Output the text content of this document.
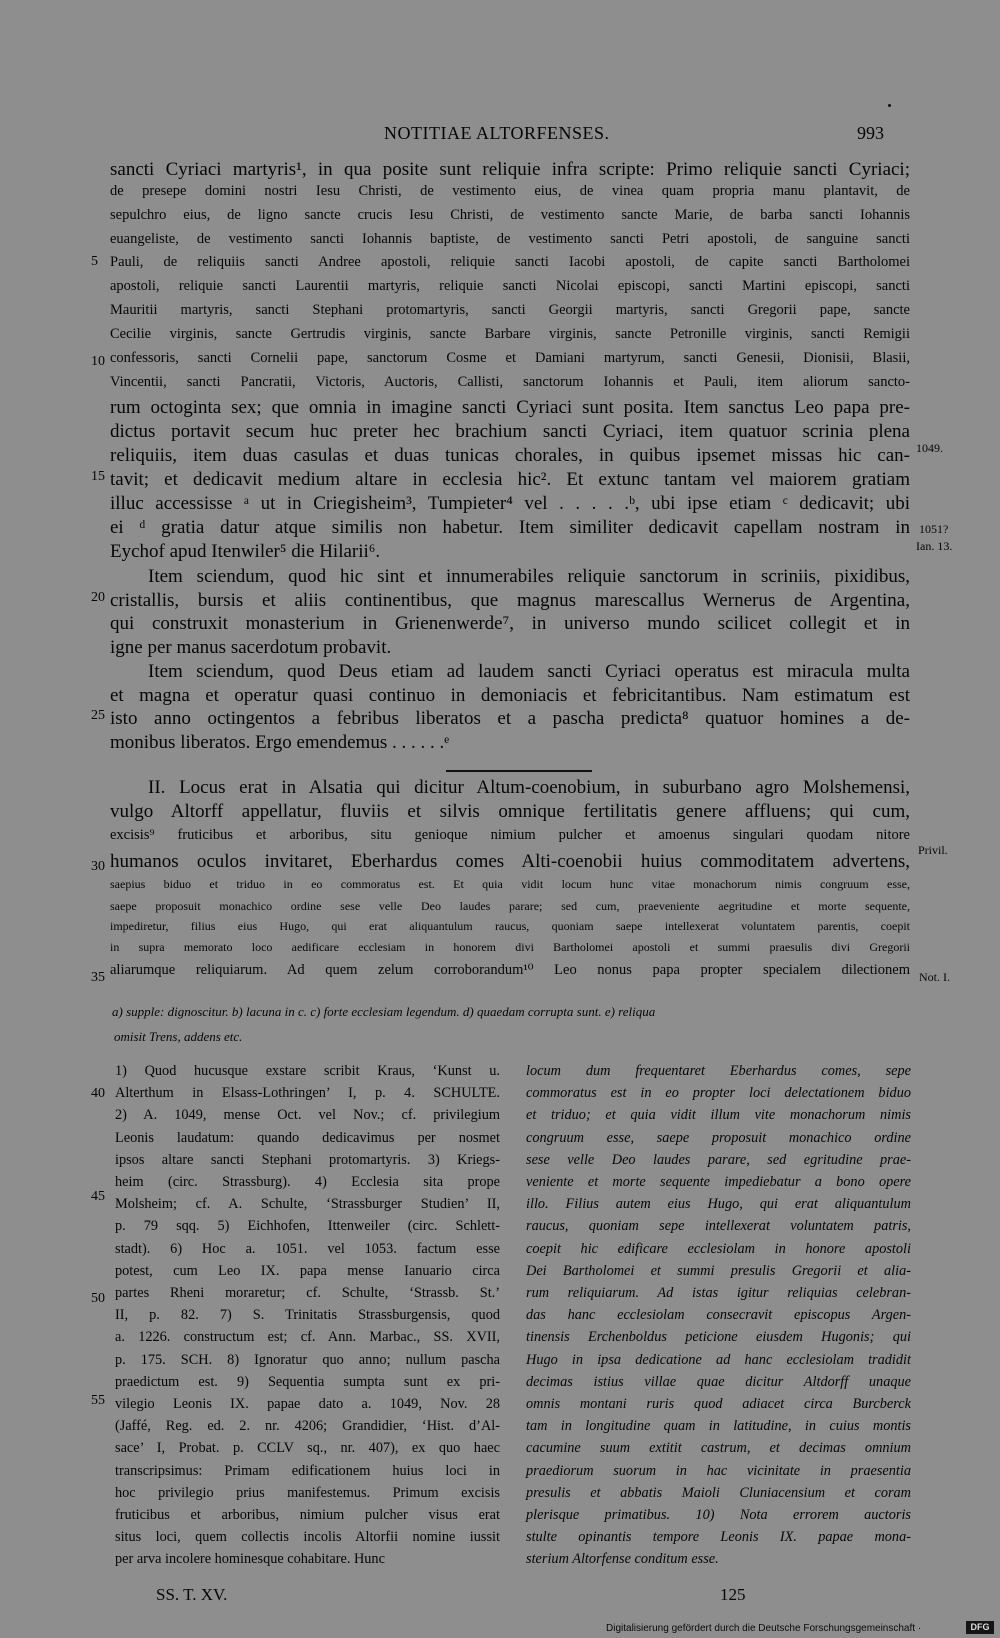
NOTITIAE ALTORFENSES.	993
sancti Cyriaci martyris¹, in qua posite sunt reliquie infra scripte: Primo reliquie sancti Cyriaci;
de presepe domini nostri Iesu Christi, de vestimento eius, de vinea quam propria manu plantavit, de
sepulchro eius, de ligno sancte crucis Iesu Christi, de vestimento sancte Marie, de barba sancti Iohannis
euangeliste, de vestimento sancti Iohannis baptiste, de vestimento sancti Petri apostoli, de sanguine sancti
Pauli, de reliquiis sancti Andree apostoli, reliquie sancti Iacobi apostoli, de capite sancti Bartholomei
apostoli, reliquie sancti Laurentii martyris, reliquie sancti Nicolai episcopi, sancti Martini episcopi, sancti
Mauritii martyris, sancti Stephani protomartyris, sancti Georgii martyris, sancti Gregorii pape, sancte
Cecilie virginis, sancte Gertrudis virginis, sancte Barbare virginis, sancte Petronille virginis, sancti Remigii
confessoris, sancti Cornelii pape, sanctorum Cosme et Damiani martyrum, sancti Genesii, Dionisii, Blasii,
Vincentii, sancti Pancratii, Victoris, Auctoris, Callisti, sanctorum Iohannis et Pauli, item aliorum sancto-
rum octoginta sex; que omnia in imagine sancti Cyriaci sunt posita. Item sanctus Leo papa pre-
dictus portavit secum huc preter hec brachium sancti Cyriaci, item quatuor scrinia plena
reliquiis, item duas casulas et duas tunicas chorales, in quibus ipsemet missas hic can-
tavit; et dedicavit medium altare in ecclesia hic². Et extunc tantam vel maiorem gratiam
illuc accessisse ᵃ ut in Criegisheim³, Tumpieter⁴ vel . . . . .ᵇ, ubi ipse etiam ᶜ dedicavit; ubi
ei ᵈ gratia datur atque similis non habetur. Item similiter dedicavit capellam nostram in
Eychof apud Itenwiler⁵ die Hilarii⁶.
Item sciendum, quod hic sint et innumerabiles reliquie sanctorum in scriniis, pixidibus,
cristallis, bursis et aliis continentibus, que magnus marescallus Wernerus de Argentina,
qui construxit monasterium in Grienenwerde⁷, in universo mundo scilicet collegit et in
igne per manus sacerdotum probavit.
Item sciendum, quod Deus etiam ad laudem sancti Cyriaci operatus est miracula multa
et magna et operatur quasi continuo in demoniacis et febricitantibus. Nam estimatum est
isto anno octingentos a febribus liberatos et a pascha predicta⁸ quatuor homines a de-
monibus liberatos. Ergo emendemus . . . . . .ᵉ
II. Locus erat in Alsatia qui dicitur Altum-coenobium, in suburbano agro Molshemensi,
vulgo Altorff appellatur, fluviis et silvis omnique fertilitatis genere affluens; qui cum,
excisis⁹ fruticibus et arboribus, situ genioque nimium pulcher et amoenus singulari quodam nitore
humanos oculos invitaret, Eberhardus comes Alti-coenobii huius commoditatem advertens,
saepius biduo et triduo in eo commoratus est. Et quia vidit locum hunc vitae monachorum nimis congruum esse,
saepe proposuit monachico ordine sese velle Deo laudes parare; sed cum, praeveniente aegritudine et morte sequente,
impediretur, filius eius Hugo, qui erat aliquantulum raucus, quoniam saepe intellexerat voluntatem parentis, coepit
in supra memorato loco aedificare ecclesiam in honorem divi Bartholomei apostoli et summi praesulis divi Gregorii
aliarumque reliquiarum. Ad quem zelum corroborandum¹⁰ Leo nonus papa propter specialem dilectionem
5
10
15
20
25
30
35
40
45
50
55
1049.
1051?
Ian. 13.
Privil.
Not. I.
a) supple: dignoscitur. b) lacuna in c. c) forte ecclesiam legendum. d) quaedam corrupta sunt. e) reliqua
omisit Trens, addens etc.
1) Quod hucusque exstare scribit Kraus, ‘Kunst u.
Alterthum in Elsass-Lothringen’ I, p. 4. SCHULTE.
2) A. 1049, mense Oct. vel Nov.; cf. privilegium
Leonis laudatum: quando dedicavimus per nosmet
ipsos altare sancti Stephani protomartyris. 3) Kriegs-
heim (circ. Strassburg). 4) Ecclesia sita prope
Molsheim; cf. A. Schulte, ‘Strassburger Studien’ II,
p. 79 sqq. 5) Eichhofen, Ittenweiler (circ. Schlett-
stadt). 6) Hoc a. 1051. vel 1053. factum esse
potest, cum Leo IX. papa mense Ianuario circa
partes Rheni moraretur; cf. Schulte, ‘Strassb. St.’
II, p. 82. 7) S. Trinitatis Strassburgensis, quod
a. 1226. constructum est; cf. Ann. Marbac., SS. XVII,
p. 175. SCH. 8) Ignoratur quo anno; nullum pascha
praedictum est. 9) Sequentia sumpta sunt ex pri-
vilegio Leonis IX. papae dato a. 1049, Nov. 28
(Jaffé, Reg. ed. 2. nr. 4206; Grandidier, ‘Hist. d’Al-
sace’ I, Probat. p. CCLV sq., nr. 407), ex quo haec
transcripsimus: Primam edificationem huius loci in
hoc privilegio prius manifestemus. Primum excisis
fruticibus et arboribus, nimium pulcher visus erat
situs loci, quem collectis incolis Altorfii nomine iussit
per arva incolere hominesque cohabitare. Hunc
locum dum frequentaret Eberhardus comes, sepe
commoratus est in eo propter loci delectationem biduo
et triduo; et quia vidit illum vite monachorum nimis
congruum esse, saepe proposuit monachico ordine
sese velle Deo laudes parare, sed egritudine prae-
veniente et morte sequente impediebatur a bono opere
illo. Filius autem eius Hugo, qui erat aliquantulum
raucus, quoniam sepe intellexerat voluntatem patris,
coepit hic edificare ecclesiolam in honore apostoli
Dei Bartholomei et summi presulis Gregorii et alia-
rum reliquiarum. Ad istas igitur reliquias celebran-
das hanc ecclesiolam consecravit episcopus Argen-
tinensis Erchenboldus peticione eiusdem Hugonis; qui
Hugo in ipsa dedicatione ad hanc ecclesiolam tradidit
decimas istius villae quae dicitur Altdorff unaque
omnis montani ruris quod adiacet circa Burcberck
tam in longitudine quam in latitudine, in cuius montis
cacumine suum extitit castrum, et decimas omnium
praediorum suorum in hac vicinitate in praesentia
presulis et abbatis Maioli Cluniacensium et coram
plerisque primatibus. 10) Nota errorem auctoris
stulte opinantis tempore Leonis IX. papae mona-
sterium Altorfense conditum esse.
SS. T. XV.	125
Digitalisierung gefördert durch die Deutsche Forschungsgemeinschaft ·	DFG
